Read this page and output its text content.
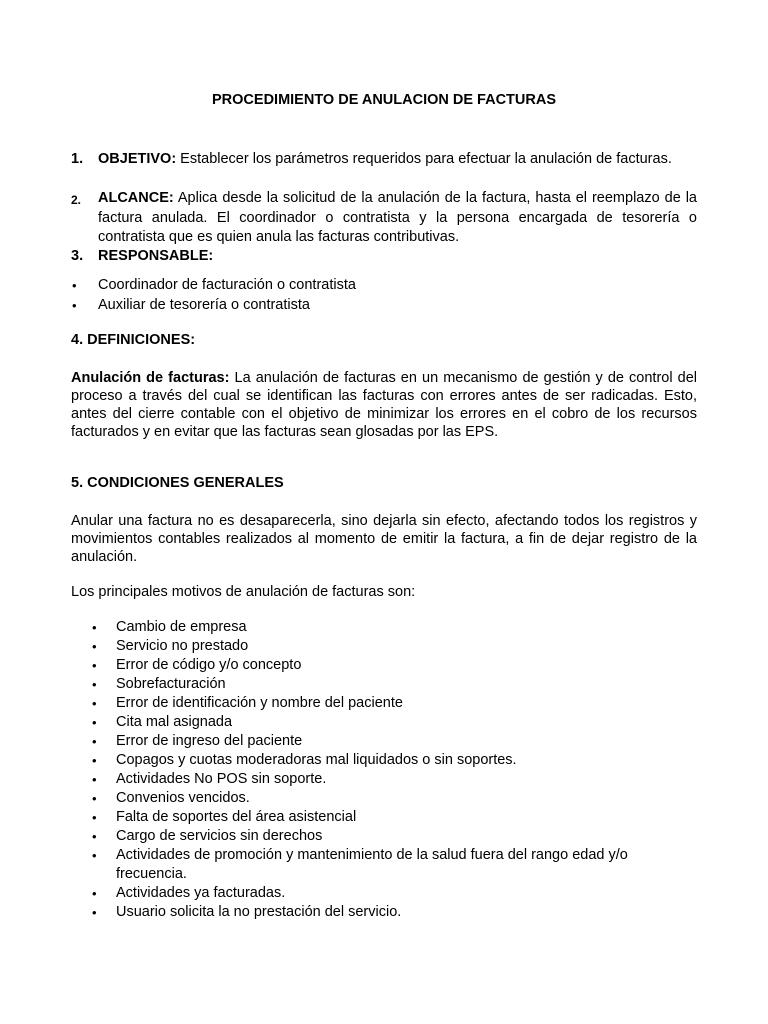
PROCEDIMIENTO DE ANULACION DE FACTURAS
1. OBJETIVO: Establecer los parámetros requeridos para efectuar la anulación de facturas.
2. ALCANCE: Aplica desde la solicitud de la anulación de la factura, hasta el reemplazo de la factura anulada. El coordinador o contratista y la persona encargada de tesorería o contratista que es quien anula las facturas contributivas.
3. RESPONSABLE:
• Coordinador de facturación o contratista
• Auxiliar de tesorería o contratista
4. DEFINICIONES:
Anulación de facturas: La anulación de facturas en un mecanismo de gestión y de control del proceso a través del cual se identifican las facturas con errores antes de ser radicadas. Esto, antes del cierre contable con el objetivo de minimizar los errores en el cobro de los recursos facturados y en evitar que las facturas sean glosadas por las EPS.
5. CONDICIONES GENERALES
Anular una factura no es desaparecerla, sino dejarla sin efecto, afectando todos los registros y movimientos contables realizados al momento de emitir la factura, a fin de dejar registro de la anulación.
Los principales motivos de anulación de facturas son:
• Cambio de empresa
• Servicio no prestado
• Error de código y/o concepto
• Sobrefacturación
• Error de identificación y nombre del paciente
• Cita mal asignada
• Error de ingreso del paciente
• Copagos y cuotas moderadoras mal liquidados o sin soportes.
• Actividades No POS sin soporte.
• Convenios vencidos.
• Falta de soportes del área asistencial
• Cargo de servicios sin derechos
• Actividades de promoción y mantenimiento de la salud fuera del rango edad y/o frecuencia.
• Actividades ya facturadas.
• Usuario solicita la no prestación del servicio.
